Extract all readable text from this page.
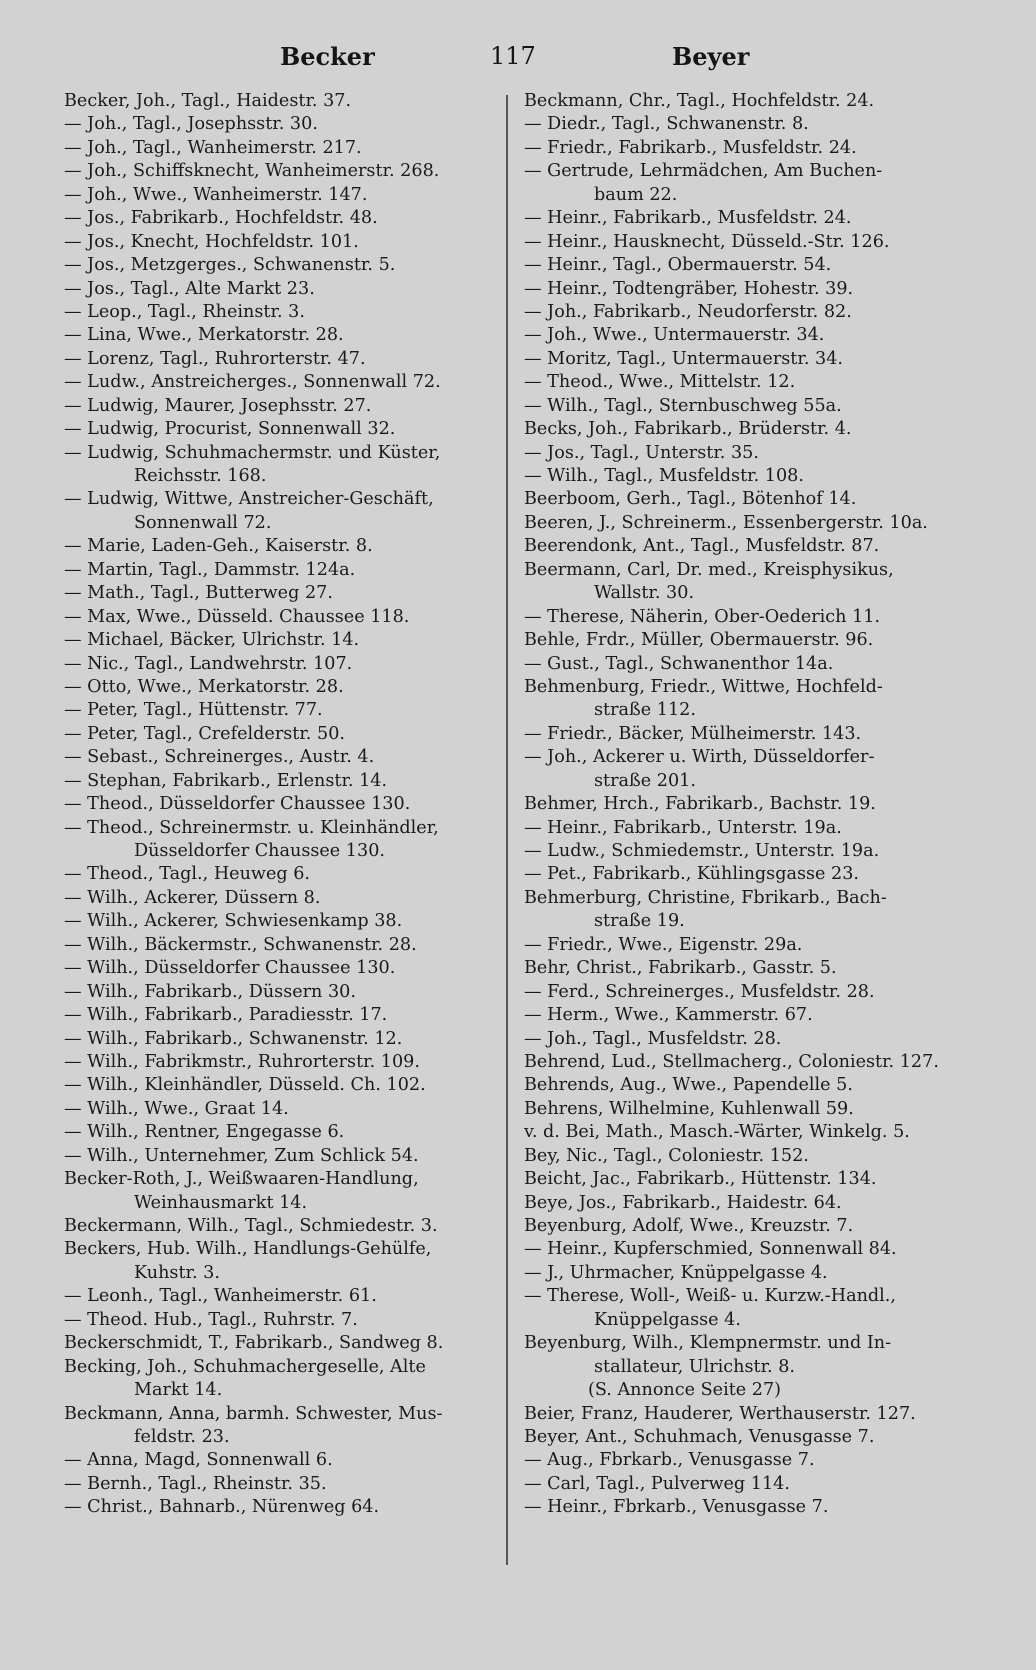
Becker	117	Beyer
Becker, Joh., Tagl., Haidestr. 37.
— Joh., Tagl., Josephsstr. 30.
— Joh., Tagl., Wanheimerstr. 217.
— Joh., Schiffsknecht, Wanheimerstr. 268.
— Joh., Wwe., Wanheimerstr. 147.
— Jos., Fabrikarb., Hochfeldstr. 48.
— Jos., Knecht, Hochfeldstr. 101.
— Jos., Metzgerges., Schwanenstr. 5.
— Jos., Tagl., Alte Markt 23.
— Leop., Tagl., Rheinstr. 3.
— Lina, Wwe., Merkatorstr. 28.
— Lorenz, Tagl., Ruhrorterstr. 47.
— Ludw., Anstreicherges., Sonnenwall 72.
— Ludwig, Maurer, Josephsstr. 27.
— Ludwig, Procurist, Sonnenwall 32.
— Ludwig, Schuhmachermstr. und Küster,
Reichsstr. 168.
— Ludwig, Wittwe, Anstreicher-Geschäft,
Sonnenwall 72.
— Marie, Laden-Geh., Kaiserstr. 8.
— Martin, Tagl., Dammstr. 124a.
— Math., Tagl., Butterweg 27.
— Max, Wwe., Düsseld. Chaussee 118.
— Michael, Bäcker, Ulrichstr. 14.
— Nic., Tagl., Landwehrstr. 107.
— Otto, Wwe., Merkatorstr. 28.
— Peter, Tagl., Hüttenstr. 77.
— Peter, Tagl., Crefelderstr. 50.
— Sebast., Schreinerges., Austr. 4.
— Stephan, Fabrikarb., Erlenstr. 14.
— Theod., Düsseldorfer Chaussee 130.
— Theod., Schreinermstr. u. Kleinhändler,
Düsseldorfer Chaussee 130.
— Theod., Tagl., Heuweg 6.
— Wilh., Ackerer, Düssern 8.
— Wilh., Ackerer, Schwiesenkamp 38.
— Wilh., Bäckermstr., Schwanenstr. 28.
— Wilh., Düsseldorfer Chaussee 130.
— Wilh., Fabrikarb., Düssern 30.
— Wilh., Fabrikarb., Paradiesstr. 17.
— Wilh., Fabrikarb., Schwanenstr. 12.
— Wilh., Fabrikmstr., Ruhrorterstr. 109.
— Wilh., Kleinhändler, Düsseld. Ch. 102.
— Wilh., Wwe., Graat 14.
— Wilh., Rentner, Engegasse 6.
— Wilh., Unternehmer, Zum Schlick 54.
Becker-Roth, J., Weißwaaren-Handlung,
Weinhausmarkt 14.
Beckermann, Wilh., Tagl., Schmiedestr. 3.
Beckers, Hub. Wilh., Handlungs-Gehülfe,
Kuhstr. 3.
— Leonh., Tagl., Wanheimerstr. 61.
— Theod. Hub., Tagl., Ruhrstr. 7.
Beckerschmidt, T., Fabrikarb., Sandweg 8.
Becking, Joh., Schuhmachergeselle, Alte
Markt 14.
Beckmann, Anna, barmh. Schwester, Mus-
feldstr. 23.
— Anna, Magd, Sonnenwall 6.
— Bernh., Tagl., Rheinstr. 35.
— Christ., Bahnarb., Nürenweg 64.
Beckmann, Chr., Tagl., Hochfeldstr. 24.
— Diedr., Tagl., Schwanenstr. 8.
— Friedr., Fabrikarb., Musfeldstr. 24.
— Gertrude, Lehrmädchen, Am Buchen-
baum 22.
— Heinr., Fabrikarb., Musfeldstr. 24.
— Heinr., Hausknecht, Düsseld.-Str. 126.
— Heinr., Tagl., Obermauerstr. 54.
— Heinr., Todtengräber, Hohestr. 39.
— Joh., Fabrikarb., Neudorferstr. 82.
— Joh., Wwe., Untermauerstr. 34.
— Moritz, Tagl., Untermauerstr. 34.
— Theod., Wwe., Mittelstr. 12.
— Wilh., Tagl., Sternbuschweg 55a.
Becks, Joh., Fabrikarb., Brüderstr. 4.
— Jos., Tagl., Unterstr. 35.
— Wilh., Tagl., Musfeldstr. 108.
Beerboom, Gerh., Tagl., Bötenhof 14.
Beeren, J., Schreinerm., Essenbergerstr. 10a.
Beerendonk, Ant., Tagl., Musfeldstr. 87.
Beermann, Carl, Dr. med., Kreisphysikus,
Wallstr. 30.
— Therese, Näherin, Ober-Oederich 11.
Behle, Frdr., Müller, Obermauerstr. 96.
— Gust., Tagl., Schwanenthor 14a.
Behmenburg, Friedr., Wittwe, Hochfeld-
straße 112.
— Friedr., Bäcker, Mülheimerstr. 143.
— Joh., Ackerer u. Wirth, Düsseldorfer-
straße 201.
Behmer, Hrch., Fabrikarb., Bachstr. 19.
— Heinr., Fabrikarb., Unterstr. 19a.
— Ludw., Schmiedemstr., Unterstr. 19a.
— Pet., Fabrikarb., Kühlingsgasse 23.
Behmerburg, Christine, Fbrikarb., Bach-
straße 19.
— Friedr., Wwe., Eigenstr. 29a.
Behr, Christ., Fabrikarb., Gasstr. 5.
— Ferd., Schreinerges., Musfeldstr. 28.
— Herm., Wwe., Kammerstr. 67.
— Joh., Tagl., Musfeldstr. 28.
Behrend, Lud., Stellmacherg., Coloniestr. 127.
Behrends, Aug., Wwe., Papendelle 5.
Behrens, Wilhelmine, Kuhlenwall 59.
v. d. Bei, Math., Masch.-Wärter, Winkelg. 5.
Bey, Nic., Tagl., Coloniestr. 152.
Beicht, Jac., Fabrikarb., Hüttenstr. 134.
Beye, Jos., Fabrikarb., Haidestr. 64.
Beyenburg, Adolf, Wwe., Kreuzstr. 7.
— Heinr., Kupferschmied, Sonnenwall 84.
— J., Uhrmacher, Knüppelgasse 4.
— Therese, Woll-, Weiß- u. Kurzw.-Handl.,
Knüppelgasse 4.
Beyenburg, Wilh., Klempnermstr. und In-
stallateur, Ulrichstr. 8.
(S. Annonce Seite 27)
Beier, Franz, Hauderer, Werthauserstr. 127.
Beyer, Ant., Schuhmach, Venusgasse 7.
— Aug., Fbrkarb., Venusgasse 7.
— Carl, Tagl., Pulverweg 114.
— Heinr., Fbrkarb., Venusgasse 7.
